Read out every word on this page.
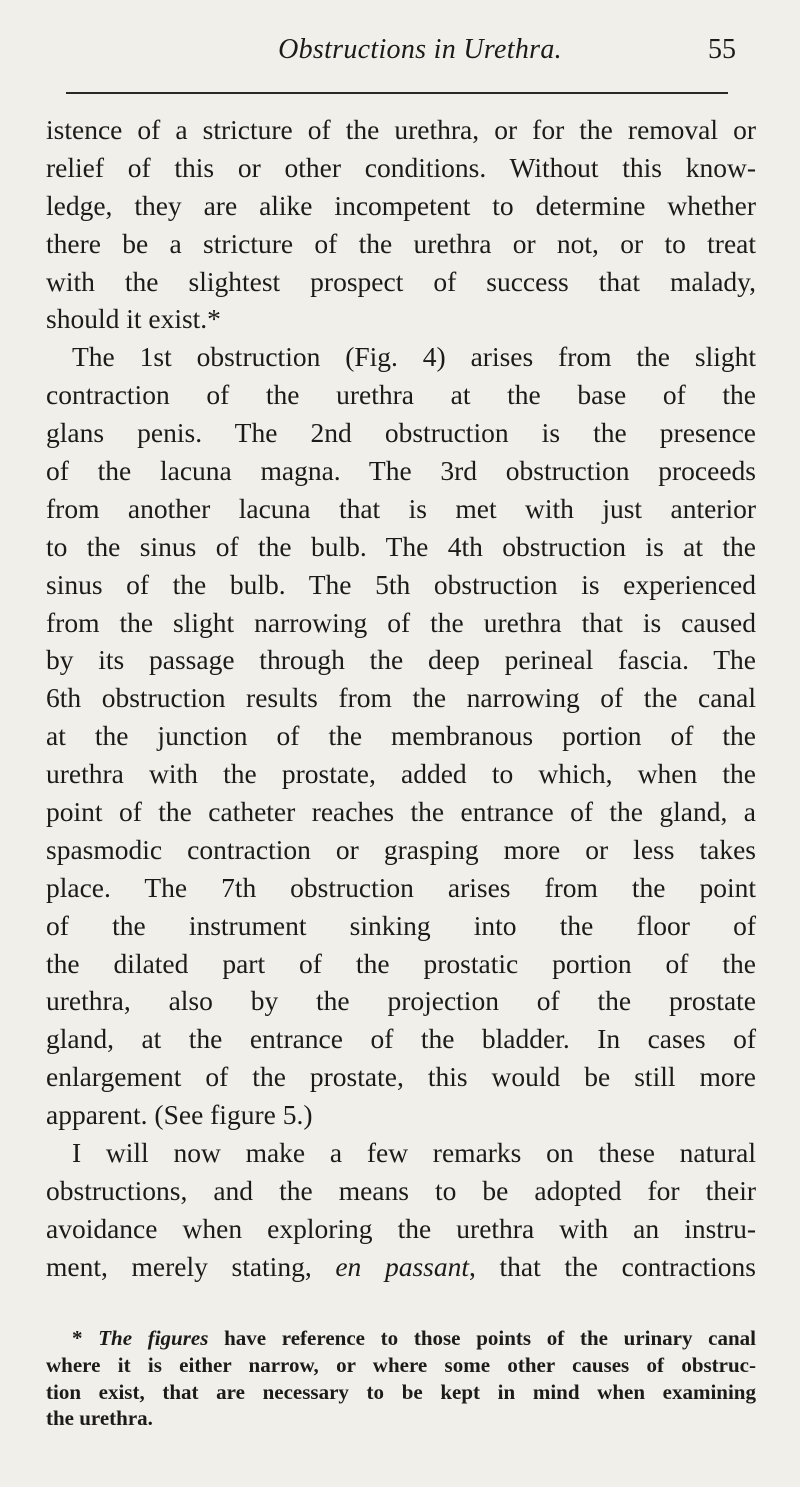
Obstructions in Urethra.	55
istence of a stricture of the urethra, or for the removal or
relief of this or other conditions. Without this know-
ledge, they are alike incompetent to determine whether
there be a stricture of the urethra or not, or to treat
with the slightest prospect of success that malady,
should it exist.*
The 1st obstruction (Fig. 4) arises from the slight
contraction of the urethra at the base of the
glans penis. The 2nd obstruction is the presence
of the lacuna magna. The 3rd obstruction proceeds
from another lacuna that is met with just anterior
to the sinus of the bulb. The 4th obstruction is at the
sinus of the bulb. The 5th obstruction is experienced
from the slight narrowing of the urethra that is caused
by its passage through the deep perineal fascia. The
6th obstruction results from the narrowing of the canal
at the junction of the membranous portion of the
urethra with the prostate, added to which, when the
point of the catheter reaches the entrance of the gland, a
spasmodic contraction or grasping more or less takes
place. The 7th obstruction arises from the point
of the instrument sinking into the floor of
the dilated part of the prostatic portion of the
urethra, also by the projection of the prostate
gland, at the entrance of the bladder. In cases of
enlargement of the prostate, this would be still more
apparent. (See figure 5.)
I will now make a few remarks on these natural
obstructions, and the means to be adopted for their
avoidance when exploring the urethra with an instru-
ment, merely stating, en passant, that the contractions
* The figures have reference to those points of the urinary canal
where it is either narrow, or where some other causes of obstruc-
tion exist, that are necessary to be kept in mind when examining
the urethra.
